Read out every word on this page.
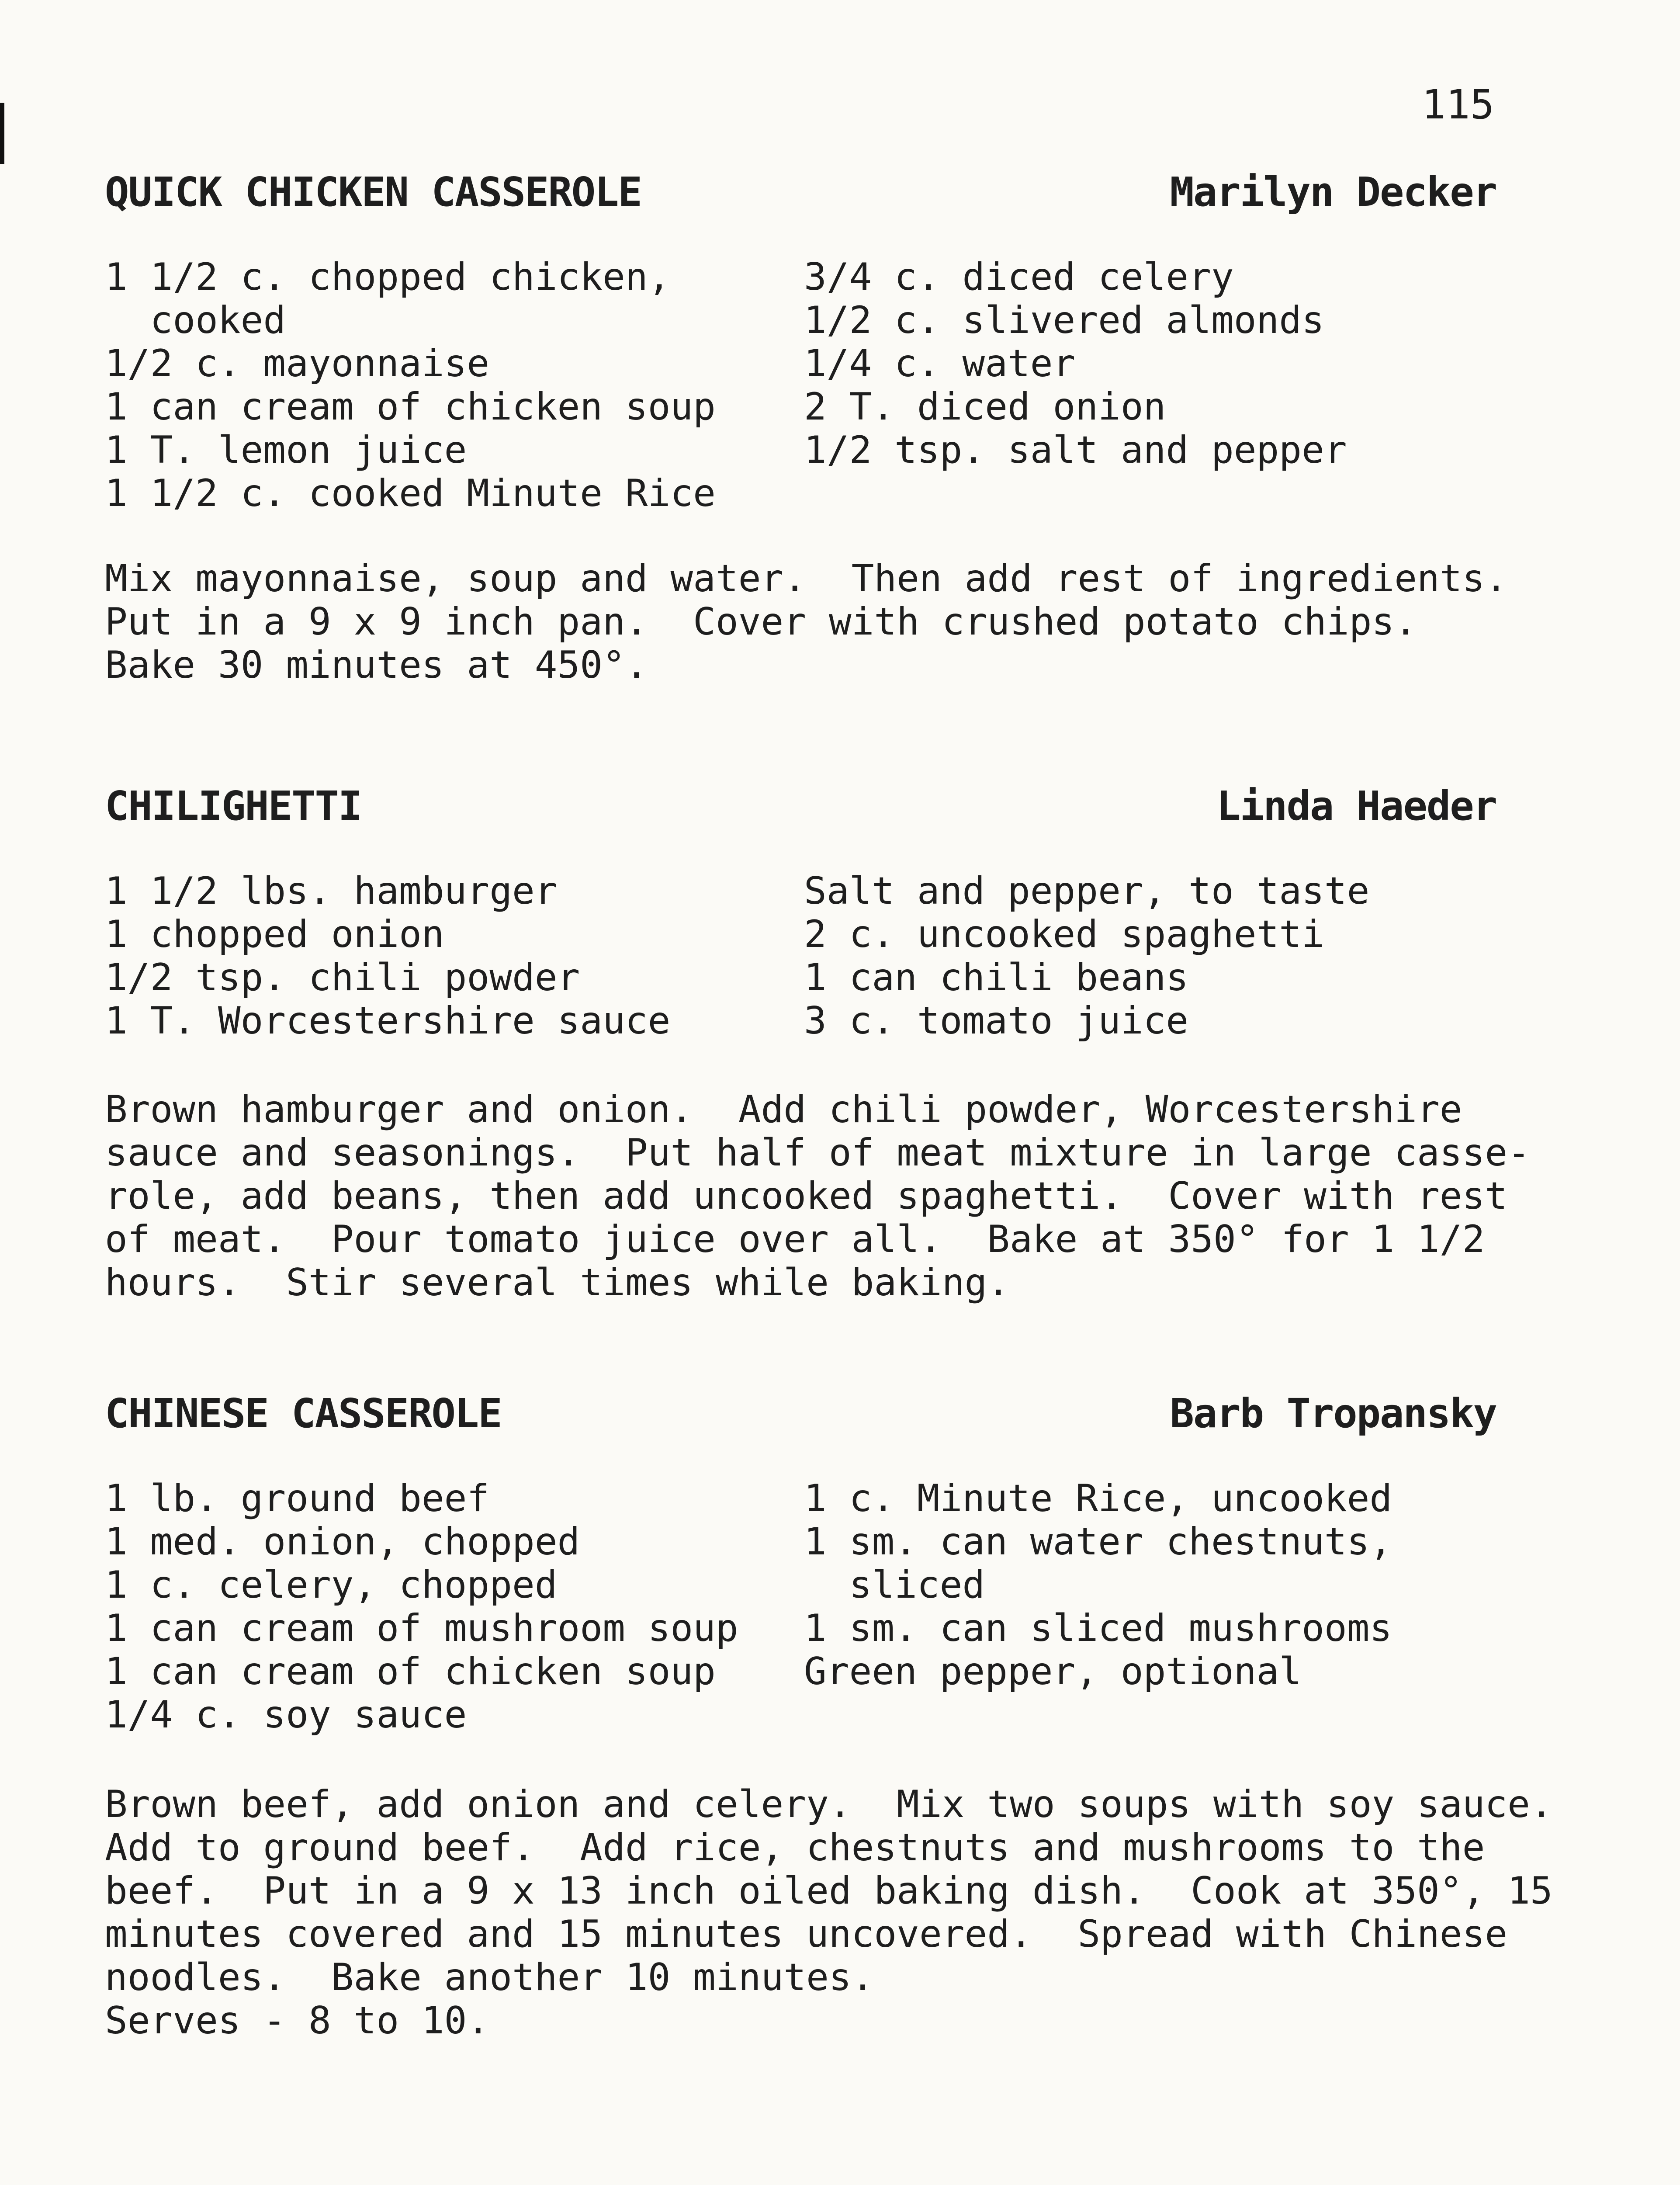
115
QUICK CHICKEN CASSEROLE	Marilyn Decker
1 1/2 c. chopped chicken,
cooked
1/2 c. mayonnaise
1 can cream of chicken soup
1 T. lemon juice
1 1/2 c. cooked Minute Rice
3/4 c. diced celery
1/2 c. slivered almonds
1/4 c. water
2 T. diced onion
1/2 tsp. salt and pepper
Mix mayonnaise, soup and water.  Then add rest of ingredients.
Put in a 9 x 9 inch pan.  Cover with crushed potato chips.
Bake 30 minutes at 450°.
CHILIGHETTI	Linda Haeder
1 1/2 lbs. hamburger
1 chopped onion
1/2 tsp. chili powder
1 T. Worcestershire sauce
Salt and pepper, to taste
2 c. uncooked spaghetti
1 can chili beans
3 c. tomato juice
Brown hamburger and onion.  Add chili powder, Worcestershire
sauce and seasonings.  Put half of meat mixture in large casse-
role, add beans, then add uncooked spaghetti.  Cover with rest
of meat.  Pour tomato juice over all.  Bake at 350° for 1 1/2
hours.  Stir several times while baking.
CHINESE CASSEROLE	Barb Tropansky
1 lb. ground beef
1 med. onion, chopped
1 c. celery, chopped
1 can cream of mushroom soup
1 can cream of chicken soup
1/4 c. soy sauce
1 c. Minute Rice, uncooked
1 sm. can water chestnuts,
sliced
1 sm. can sliced mushrooms
Green pepper, optional
Brown beef, add onion and celery.  Mix two soups with soy sauce.
Add to ground beef.  Add rice, chestnuts and mushrooms to the
beef.  Put in a 9 x 13 inch oiled baking dish.  Cook at 350°, 15
minutes covered and 15 minutes uncovered.  Spread with Chinese
noodles.  Bake another 10 minutes.
Serves - 8 to 10.
